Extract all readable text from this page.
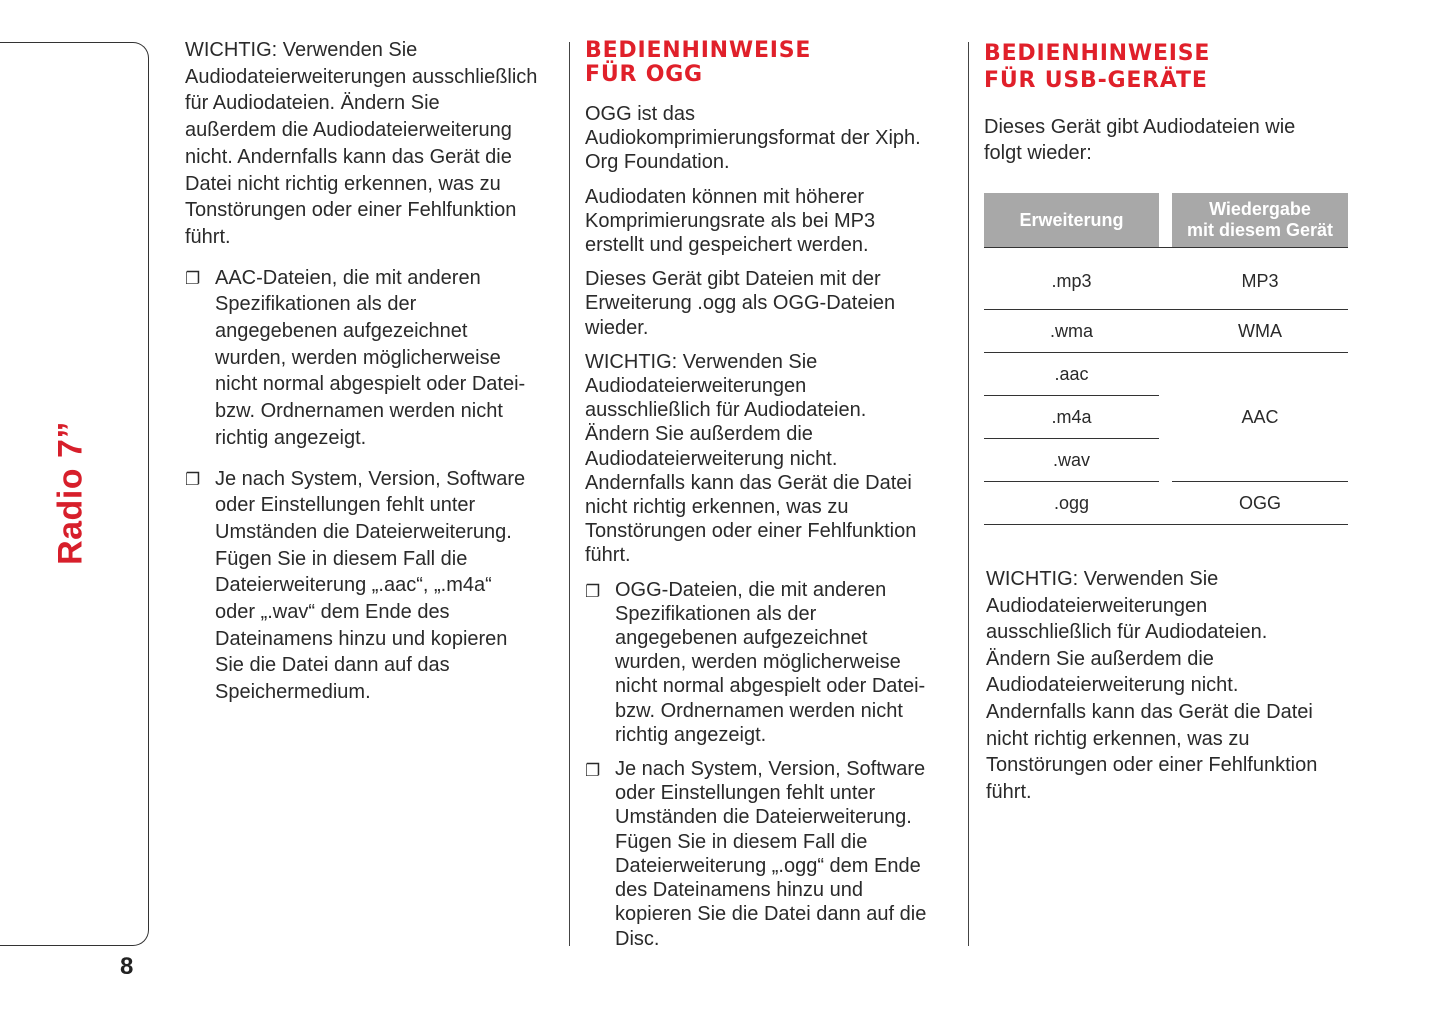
Radio 7”
8

WICHTIG: Verwenden Sie
Audiodateierweiterungen ausschließlich
für Audiodateien. Ändern Sie
außerdem die Audiodateierweiterung
nicht. Andernfalls kann das Gerät die
Datei nicht richtig erkennen, was zu
Tonstörungen oder einer Fehlfunktion
führt.

❐ AAC-Dateien, die mit anderen
Spezifikationen als der
angegebenen aufgezeichnet
wurden, werden möglicherweise
nicht normal abgespielt oder Datei-
bzw. Ordnernamen werden nicht
richtig angezeigt.

❐ Je nach System, Version, Software
oder Einstellungen fehlt unter
Umständen die Dateierweiterung.
Fügen Sie in diesem Fall die
Dateierweiterung „.aac“, „.m4a“
oder „.wav“ dem Ende des
Dateinamens hinzu und kopieren
Sie die Datei dann auf das
Speichermedium.

BEDIENHINWEISE
FÜR OGG

OGG ist das
Audiokomprimierungsformat der Xiph.
Org Foundation.

Audiodaten können mit höherer
Komprimierungsrate als bei MP3
erstellt und gespeichert werden.

Dieses Gerät gibt Dateien mit der
Erweiterung .ogg als OGG-Dateien
wieder.

WICHTIG: Verwenden Sie
Audiodateierweiterungen
ausschließlich für Audiodateien.
Ändern Sie außerdem die
Audiodateierweiterung nicht.
Andernfalls kann das Gerät die Datei
nicht richtig erkennen, was zu
Tonstörungen oder einer Fehlfunktion
führt.

❐ OGG-Dateien, die mit anderen
Spezifikationen als der
angegebenen aufgezeichnet
wurden, werden möglicherweise
nicht normal abgespielt oder Datei-
bzw. Ordnernamen werden nicht
richtig angezeigt.

❐ Je nach System, Version, Software
oder Einstellungen fehlt unter
Umständen die Dateierweiterung.
Fügen Sie in diesem Fall die
Dateierweiterung „.ogg“ dem Ende
des Dateinamens hinzu und
kopieren Sie die Datei dann auf die
Disc.

BEDIENHINWEISE
FÜR USB-GERÄTE

Dieses Gerät gibt Audiodateien wie
folgt wieder:

Erweiterung		Wiedergabe
mit diesem Gerät
.mp3		MP3
.wma		WMA
.aac		AAC
.m4a		
.wav		
.ogg		OGG

WICHTIG: Verwenden Sie
Audiodateierweiterungen
ausschließlich für Audiodateien.
Ändern Sie außerdem die
Audiodateierweiterung nicht.
Andernfalls kann das Gerät die Datei
nicht richtig erkennen, was zu
Tonstörungen oder einer Fehlfunktion
führt.
